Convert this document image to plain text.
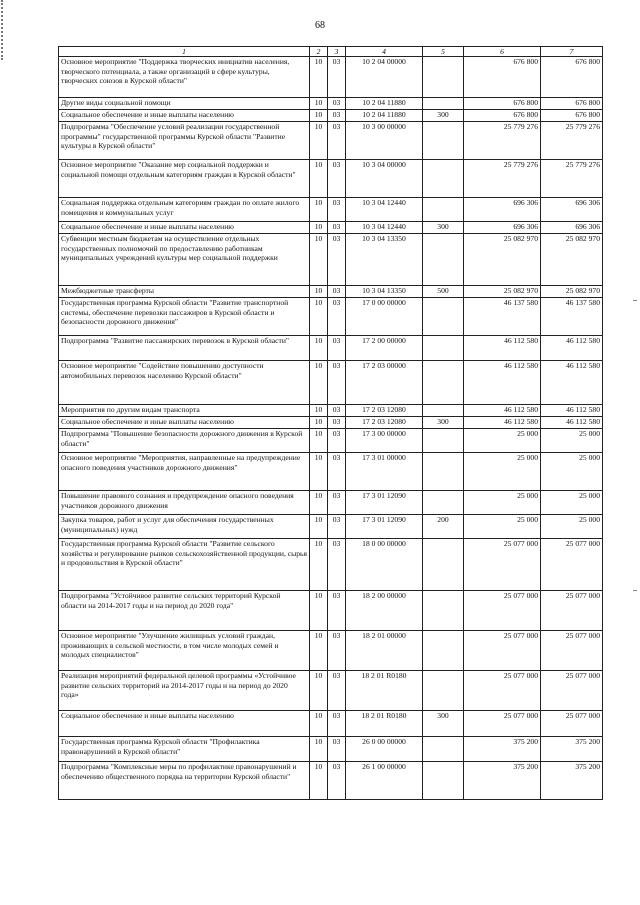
68
1	2	3	4	5	6	7
Основное мероприятие "Поддержка творческих инициатив населения, творческого потенциала, а также организаций в сфере культуры, творческих союзов в Курской области"	10	03	10 2 04 00000		676 800	676 800
Другие виды социальной помощи	10	03	10 2 04 11880		676 800	676 800
Социальное обеспечение и иные выплаты населению	10	03	10 2 04 11880	300	676 800	676 800
Подпрограмма "Обеспечение условий реализации государственной программы" государственной программы Курской области "Развитие культуры в Курской области"	10	03	10 3 00 00000		25 779 276	25 779 276
Основное мероприятие "Оказание мер социальной поддержки и социальной помощи отдельным категориям граждан в Курской области"	10	03	10 3 04 00000		25 779 276	25 779 276
Социальная поддержка отдельным категориям граждан по оплате жилого помещения и коммунальных услуг	10	03	10 3 04 12440		696 306	696 306
Социальное обеспечение и иные выплаты населению	10	03	10 3 04 12440	300	696 306	696 306
Субвенции местным бюджетам на осуществление отдельных государственных полномочий по предоставлению работникам муниципальных учреждений культуры мер социальной поддержки	10	03	10 3 04 13350		25 082 970	25 082 970
Межбюджетные трансферты	10	03	10 3 04 13350	500	25 082 970	25 082 970
Государственная программа Курской области "Развитие транспортной системы, обеспечение перевозки пассажиров в Курской области и безопасности дорожного движения"	10	03	17 0 00 00000		46 137 580	46 137 580
Подпрограмма "Развитие пассажирских перевозок в Курской области"	10	03	17 2 00 00000		46 112 580	46 112 580
Основное мероприятие "Содействие повышению доступности автомобильных перевозок населению Курской области"	10	03	17 2 03 00000		46 112 580	46 112 580
Мероприятия по другим видам транспорта	10	03	17 2 03 12080		46 112 580	46 112 580
Социальное обеспечение и иные выплаты населению	10	03	17 2 03 12080	300	46 112 580	46 112 580
Подпрограмма "Повышение безопасности дорожного движения в Курской области"	10	03	17 3 00 00000		25 000	25 000
Основное мероприятие "Мероприятия, направленные на предупреждение опасного поведения участников дорожного движения"	10	03	17 3 01 00000		25 000	25 000
Повышение правового сознания и предупреждение опасного поведения участников дорожного движения	10	03	17 3 01 12090		25 000	25 000
Закупка товаров, работ и услуг для обеспечения государственных (муниципальных) нужд	10	03	17 3 01 12090	200	25 000	25 000
Государственная программа Курской области "Развитие сельского хозяйства и регулирование рынков сельскохозяйственной продукции, сырья и продовольствия в Курской области"	10	03	18 0 00 00000		25 077 000	25 077 000
Подпрограмма "Устойчивое развитие сельских территорий Курской области на 2014-2017 годы и на период до 2020 года"	10	03	18 2 00 00000		25 077 000	25 077 000
Основное мероприятие "Улучшение жилищных условий граждан, проживающих в сельской местности, в том числе молодых семей и молодых специалистов"	10	03	18 2 01 00000		25 077 000	25 077 000
Реализация мероприятий федеральной целевой программы «Устойчивое развитие сельских территорий на 2014-2017 годы и на период до 2020 года»	10	03	18 2 01 R0180		25 077 000	25 077 000
Социальное обеспечение и иные выплаты населению	10	03	18 2 01 R0180	300	25 077 000	25 077 000
Государственная программа Курской области "Профилактика правонарушений в Курской области"	10	03	26 0 00 00000		375 200	375 200
Подпрограмма "Комплексные меры по профилактике правонарушений и обеспечению общественного порядка на территории Курской области"	10	03	26 1 00 00000		375 200	375 200
